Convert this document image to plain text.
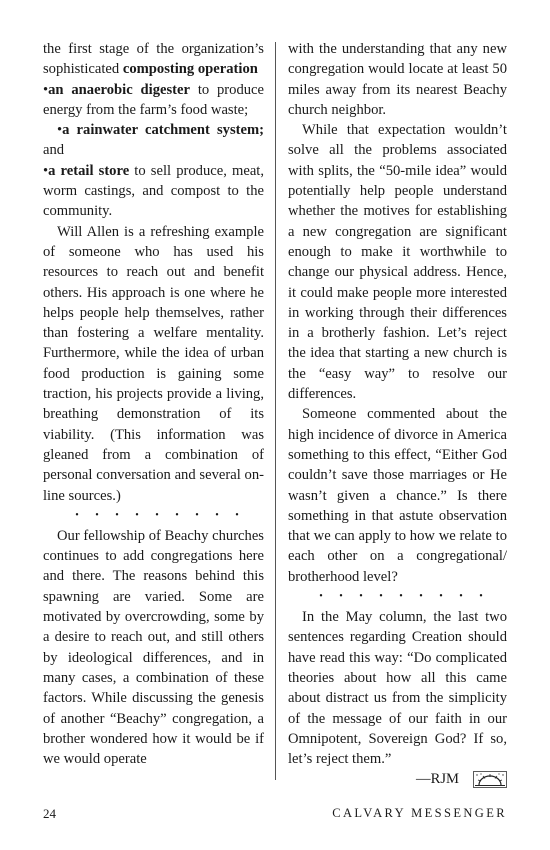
the first stage of the organization’s sophisticated composting operation

•an anaerobic digester to produce energy from the farm’s food waste;

•a rainwater catchment system; and

•a retail store to sell produce, meat, worm castings, and compost to the community.

Will Allen is a refreshing example of someone who has used his resources to reach out and benefit others. His approach is one where he helps people help themselves, rather than fostering a welfare mentality. Furthermore, while the idea of urban food production is gaining some traction, his projects provide a living, breathing demonstration of its viability. (This information was gleaned from a combination of personal conversation and several on-line sources.)

• • • • • • • • •

Our fellowship of Beachy churches continues to add congregations here and there. The reasons behind this spawning are varied. Some are motivated by overcrowding, some by a desire to reach out, and still others by ideological differences, and in many cases, a combination of these factors. While discussing the genesis of another “Beachy” congregation, a brother wondered how it would be if we would operate

with the understanding that any new congregation would locate at least 50 miles away from its nearest Beachy church neighbor.

While that expectation wouldn’t solve all the problems associated with splits, the “50-mile idea” would potentially help people understand whether the motives for establishing a new congregation are significant enough to make it worthwhile to change our physical address. Hence, it could make people more interested in working through their differences in a brotherly fashion. Let’s reject the idea that starting a new church is the “easy way” to resolve our differences.

Someone commented about the high incidence of divorce in America something to this effect, “Either God couldn’t save those marriages or He wasn’t given a chance.” Is there something in that astute observation that we can apply to how we relate to each other on a congregational/ brotherhood level?

• • • • • • • • •

In the May column, the last two sentences regarding Creation should have read this way: “Do complicated theories about how all this came about distract us from the simplicity of the message of our faith in our Omnipotent, Sovereign God? If so, let’s reject them.”

—RJM

24	CALVARY MESSENGER
